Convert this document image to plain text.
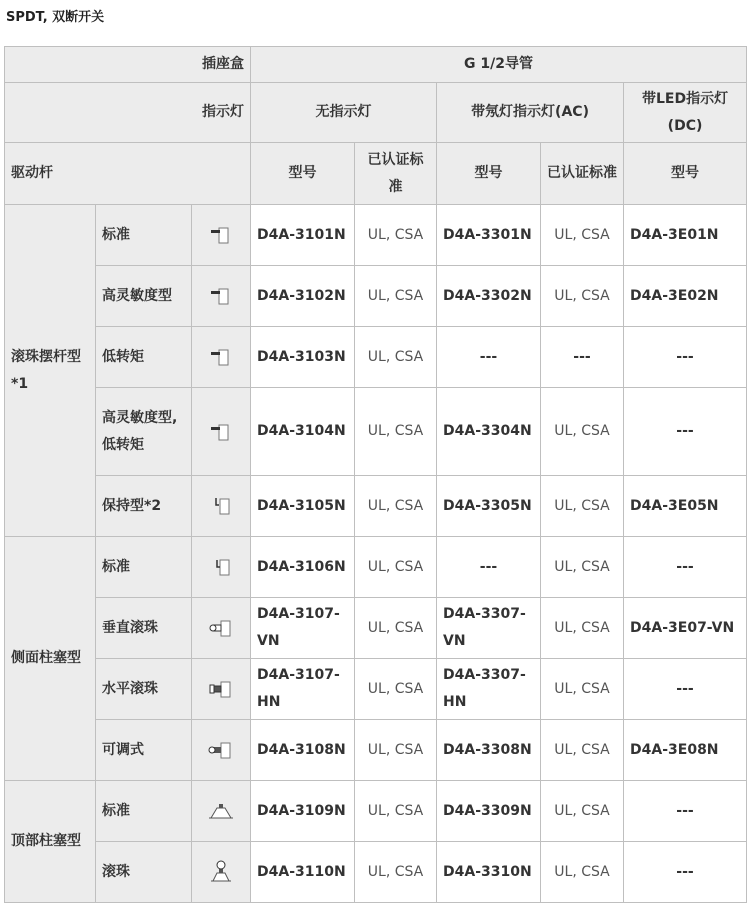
SPDT, 双断开关
插座盒			G 1/2导管				
指示灯			无指示灯		带氖灯指示灯(AC)		带LED指示灯(DC)
驱动杆			型号	已认证标准	型号	已认证标准	型号
滚珠摆杆型*1	标准		D4A-3101N	UL, CSA	D4A-3301N	UL, CSA	D4A-3E01N
	高灵敏度型		D4A-3102N	UL, CSA	D4A-3302N	UL, CSA	D4A-3E02N
	低转矩		D4A-3103N	UL, CSA	---	---	---
	高灵敏度型, 低转矩		D4A-3104N	UL, CSA	D4A-3304N	UL, CSA	---
	保持型*2		D4A-3105N	UL, CSA	D4A-3305N	UL, CSA	D4A-3E05N
侧面柱塞型	标准		D4A-3106N	UL, CSA	---	UL, CSA	---
	垂直滚珠		D4A-3107-VN	UL, CSA	D4A-3307-VN	UL, CSA	D4A-3E07-VN
	水平滚珠		D4A-3107-HN	UL, CSA	D4A-3307-HN	UL, CSA	---
	可调式		D4A-3108N	UL, CSA	D4A-3308N	UL, CSA	D4A-3E08N
顶部柱塞型	标准		D4A-3109N	UL, CSA	D4A-3309N	UL, CSA	---
	滚珠		D4A-3110N	UL, CSA	D4A-3310N	UL, CSA	---
